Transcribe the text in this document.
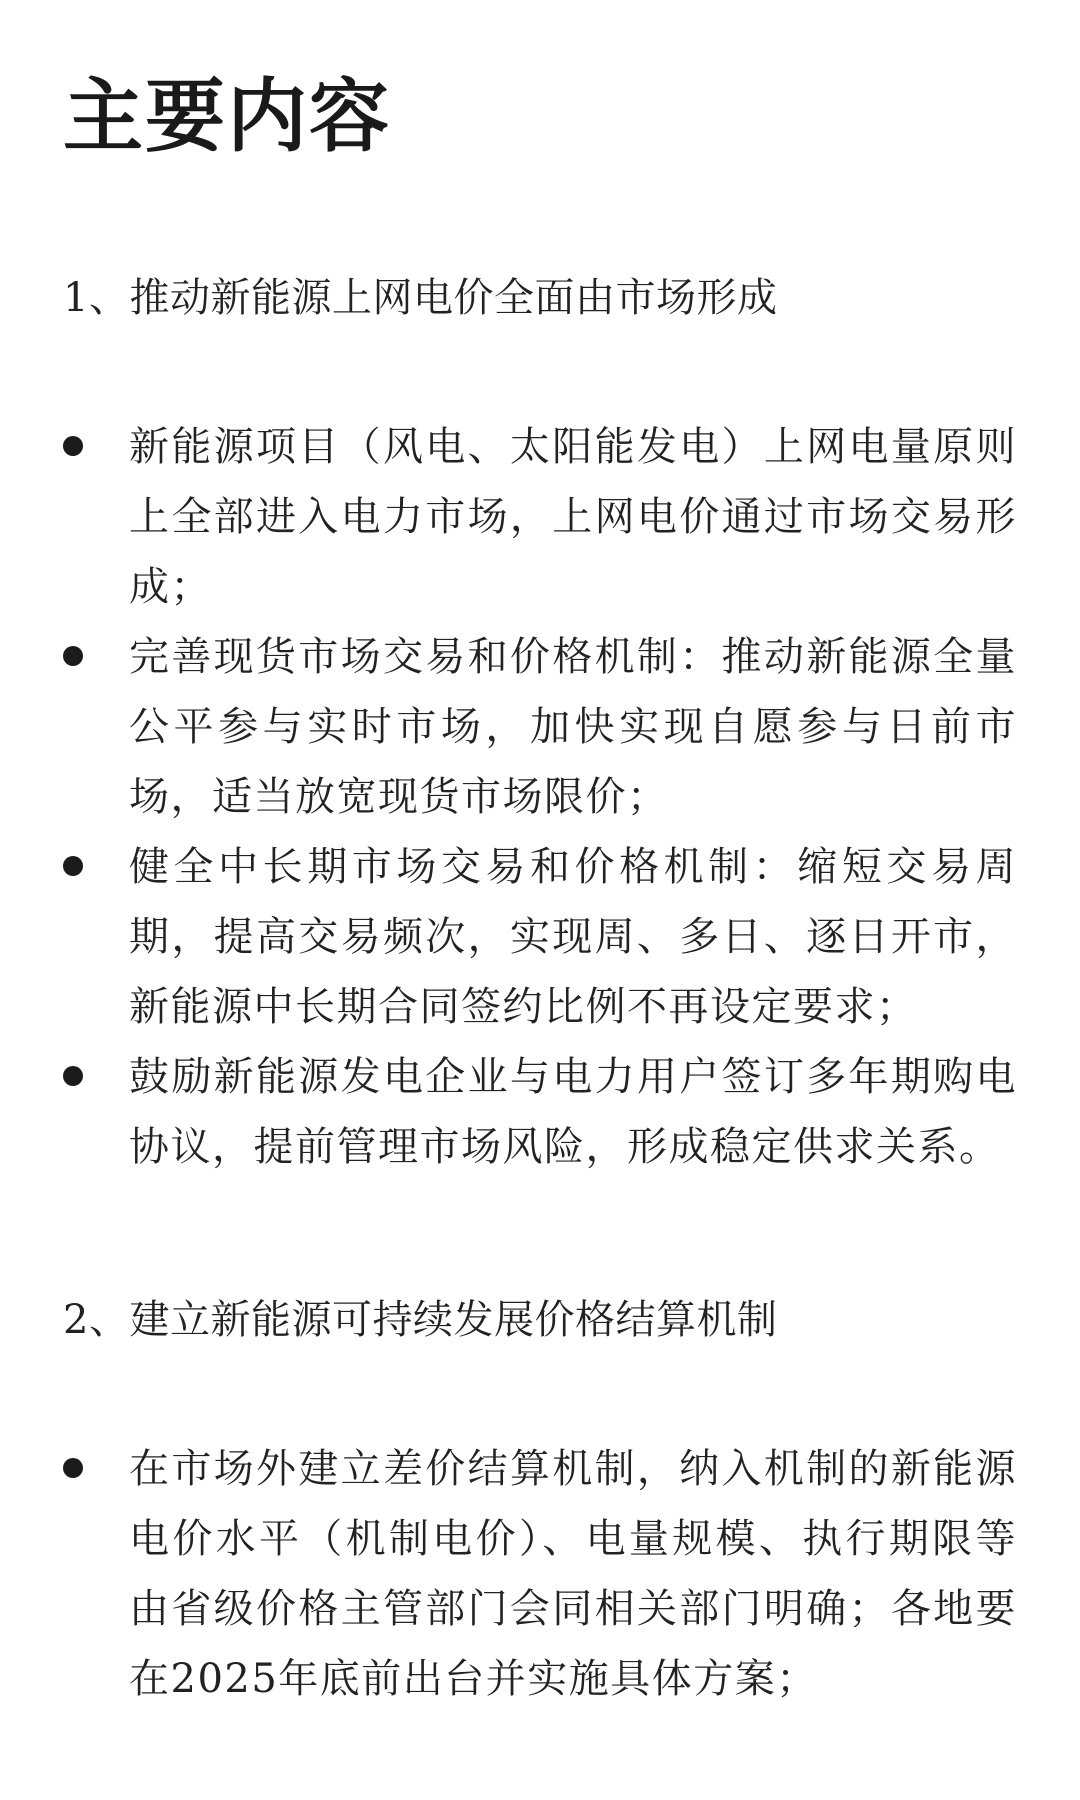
主要内容
1、推动新能源上网电价全面由市场形成
新能源项目（风电、太阳能发电）上网电量原则上全部进入电力市场，上网电价通过市场交易形成；
完善现货市场交易和价格机制：推动新能源全量公平参与实时市场，加快实现自愿参与日前市场，适当放宽现货市场限价；
健全中长期市场交易和价格机制：缩短交易周期，提高交易频次，实现周、多日、逐日开市，新能源中长期合同签约比例不再设定要求；
鼓励新能源发电企业与电力用户签订多年期购电协议，提前管理市场风险，形成稳定供求关系。
2、建立新能源可持续发展价格结算机制
在市场外建立差价结算机制，纳入机制的新能源电价水平（机制电价）、电量规模、执行期限等由省级价格主管部门会同相关部门明确；各地要在2025年底前出台并实施具体方案；
